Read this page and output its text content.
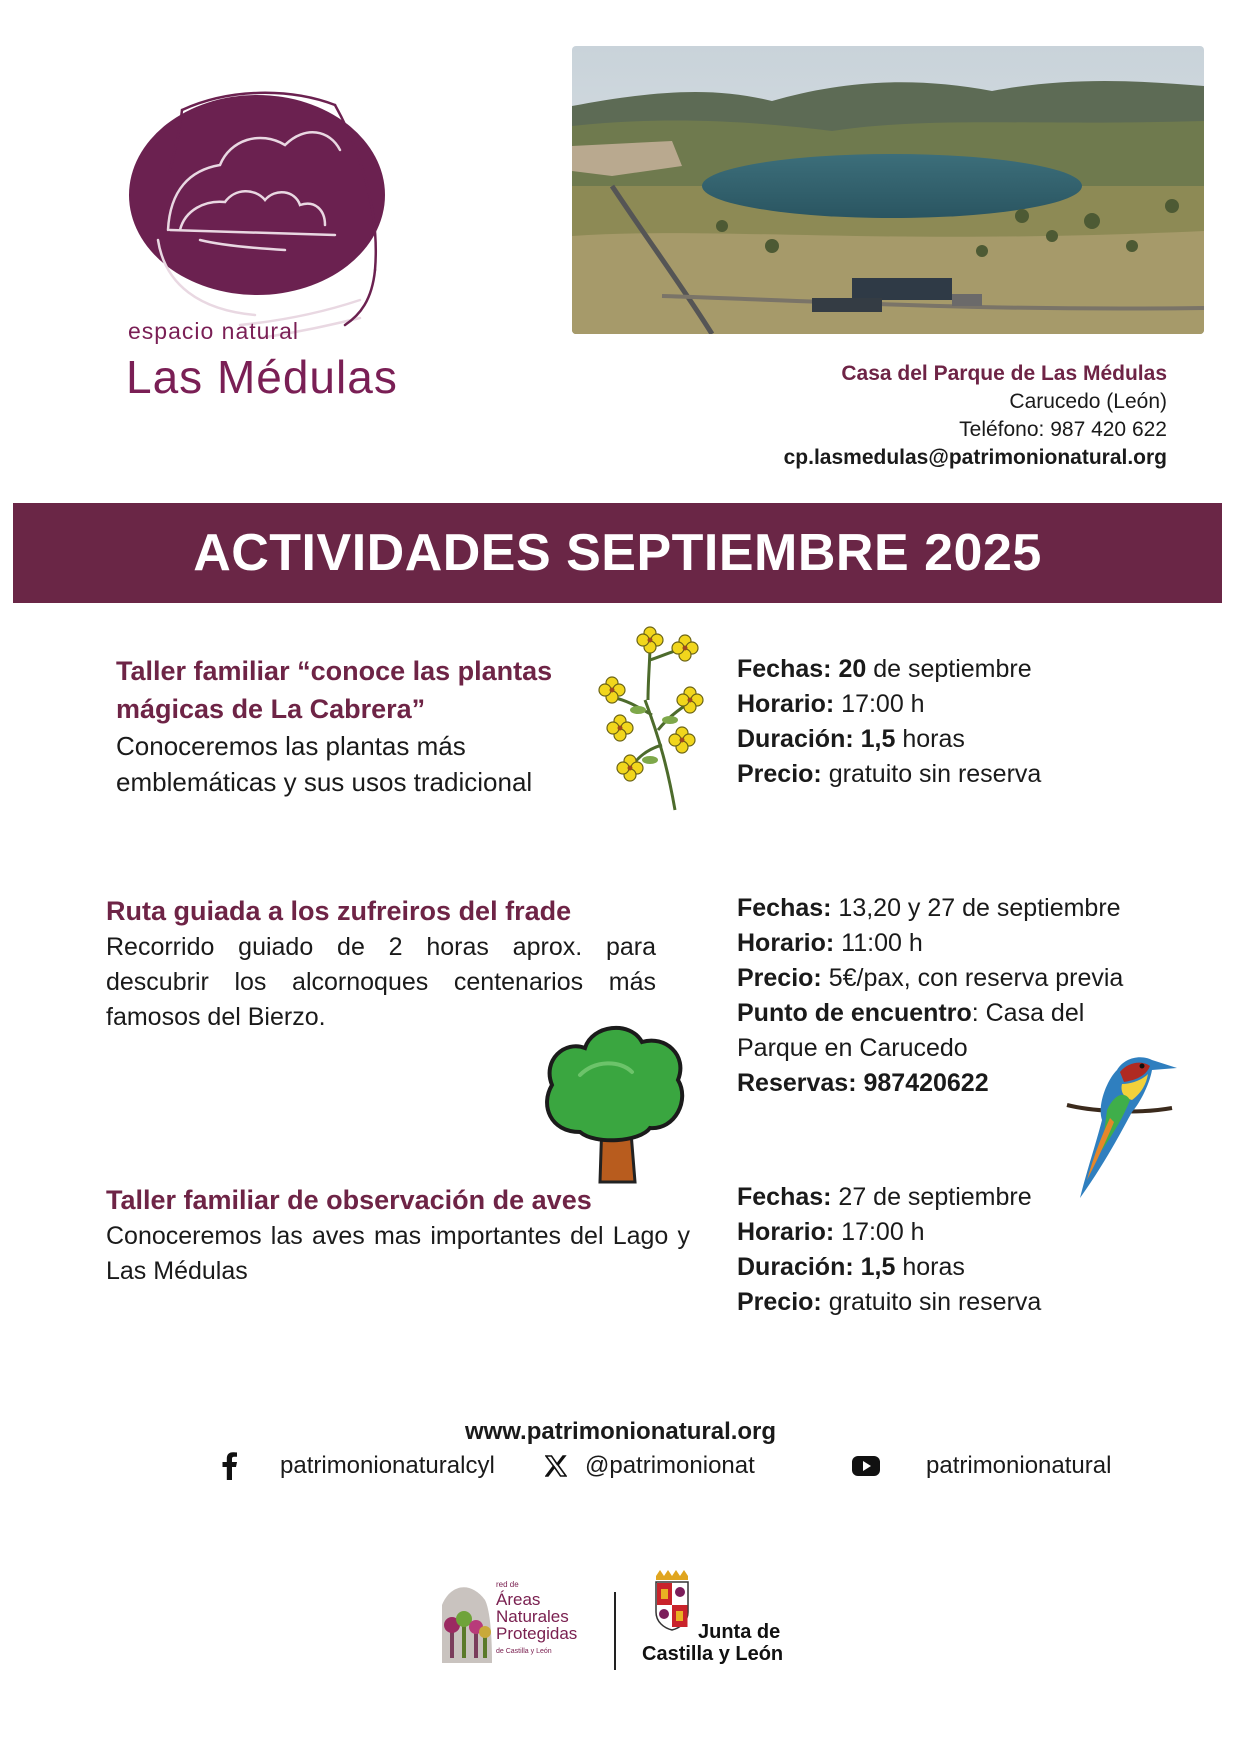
espacio natural
Las Médulas	Casa del Parque de Las Médulas
Carucedo (León)
Teléfono: 987 420 622
cp.lasmedulas@patrimonionatural.org
ACTIVIDADES SEPTIEMBRE 2025
Taller familiar “conoce las plantas
mágicas de La Cabrera”
Conoceremos las plantas más
emblemáticas y sus usos tradicional
Fechas: 20 de septiembre
Horario: 17:00 h
Duración: 1,5 horas
Precio: gratuito sin reserva
Ruta guiada a los zufreiros del frade
Recorrido guiado de 2 horas aprox. para descubrir los alcornoques centenarios más famosos del Bierzo.
Fechas: 13,20 y 27 de septiembre
Horario: 11:00 h
Precio: 5€/pax, con reserva previa
Punto de encuentro: Casa del
Parque en Carucedo
Reservas: 987420622
Taller familiar de observación de aves
Conoceremos las aves mas importantes del Lago y Las Médulas
Fechas: 27 de septiembre
Horario: 17:00 h
Duración: 1,5 horas
Precio: gratuito sin reserva
www.patrimonionatural.org
patrimonionaturalcyl	@patrimonionat	patrimonionatural
red de
Áreas
Naturales
Protegidas
de Castilla y León
Junta de
Castilla y León
